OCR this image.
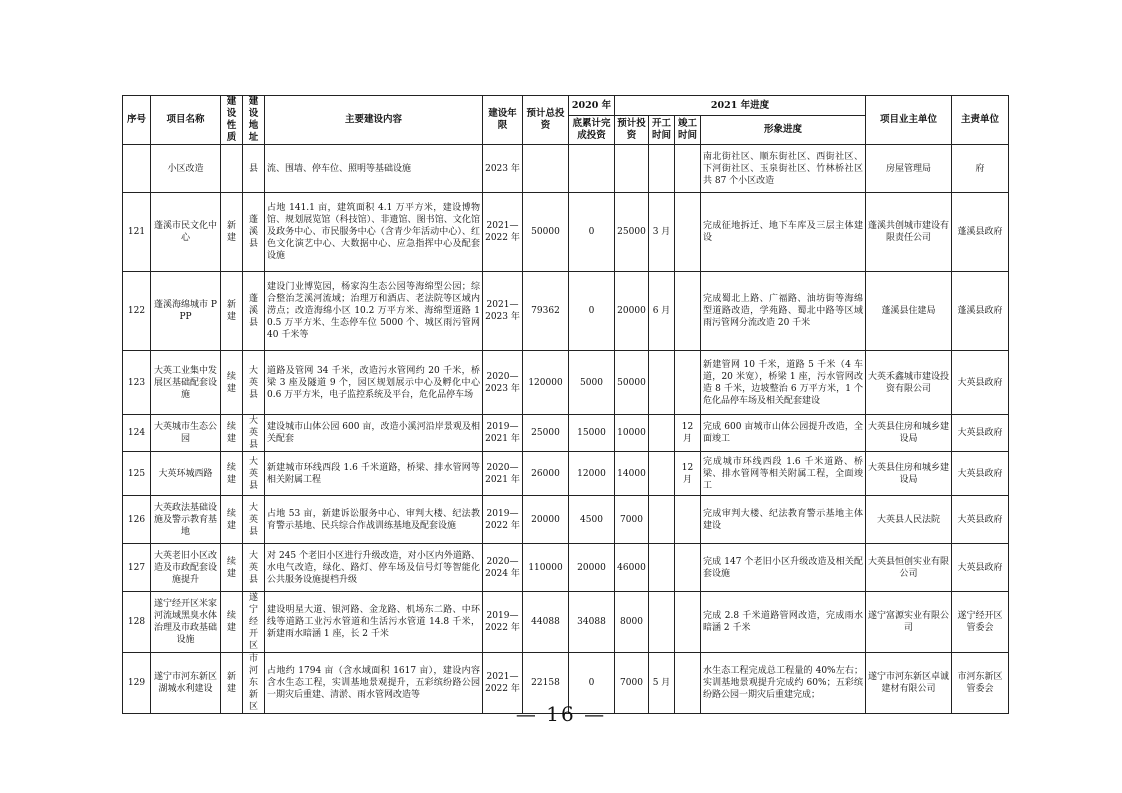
序号	项目名称	建设性质	建设地址	主要建设内容	建设年限	预计总投资	2020 年	2021 年进度				项目业主单位	主责单位
							底累计完成投资	预计投资	开工时间	竣工时间	形象进度		
	小区改造		县	流、围墙、停车位、照明等基础设施	2023 年						南北街社区、顺东街社区、西街社区、下河街社区、玉泉街社区、竹林桥社区共 87 个小区改造	房屋管理局	府
121	蓬溪市民文化中心	新建	蓬溪县	占地 141.1 亩，建筑面积 4.1 万平方米，建设博物馆、规划展览馆（科技馆）、非遗馆、图书馆、文化馆及政务中心、市民服务中心（含青少年活动中心）、红色文化演艺中心、大数据中心、应急指挥中心及配套设施	2021—2022 年	50000	0	25000	3 月		完成征地拆迁、地下车库及三层主体建设	蓬溪共创城市建设有限责任公司	蓬溪县政府
122	蓬溪海绵城市 PPP	新建	蓬溪县	建设门业博览园，杨家沟生态公园等海绵型公园；综合整治芝溪河流域；治理万和酒店、老法院等区域内涝点；改造海绵小区 10.2 万平方米、海绵型道路 10.5 万平方米、生态停车位 5000 个、城区雨污管网 40 千米等	2021—2023 年	79362	0	20000	6 月		完成蜀北上路、广福路、油坊街等海绵型道路改造，学苑路、蜀北中路等区域雨污管网分流改造 20 千米	蓬溪县住建局	蓬溪县政府
123	大英工业集中发展区基础配套设施	续建	大英县	道路及管网 34 千米，改造污水管网约 20 千米，桥梁 3 座及隧道 9 个，园区规划展示中心及孵化中心 0.6 万平方米，电子监控系统及平台，危化品停车场	2020—2023 年	120000	5000	50000			新建管网 10 千米，道路 5 千米（4 车道，20 米宽），桥梁 1 座，污水管网改造 8 千米，边坡整治 6 万平方米，1 个危化品停车场及相关配套建设	大英禾鑫城市建设投资有限公司	大英县政府
124	大英城市生态公园	续建	大英县	建设城市山体公园 600 亩，改造小溪河沿岸景观及相关配套	2019—2021 年	25000	15000	10000		12 月	完成 600 亩城市山体公园提升改造，全面竣工	大英县住房和城乡建设局	大英县政府
125	大英环城西路	续建	大英县	新建城市环线西段 1.6 千米道路，桥梁、排水管网等相关附属工程	2020—2021 年	26000	12000	14000		12 月	完成城市环线西段 1.6 千米道路、桥梁、排水管网等相关附属工程，全面竣工	大英县住房和城乡建设局	大英县政府
126	大英政法基础设施及警示教育基地	续建	大英县	占地 53 亩，新建诉讼服务中心、审判大楼、纪法教育警示基地、民兵综合作战训练基地及配套设施	2019—2022 年	20000	4500	7000			完成审判大楼、纪法教育警示基地主体建设	大英县人民法院	大英县政府
127	大英老旧小区改造及市政配套设施提升	续建	大英县	对 245 个老旧小区进行升级改造，对小区内外道路、水电气改造，绿化、路灯、停车场及信号灯等智能化公共服务设施提档升级	2020—2024 年	110000	20000	46000			完成 147 个老旧小区升级改造及相关配套设施	大英县恒创实业有限公司	大英县政府
128	遂宁经开区米家河流域黑臭水体治理及市政基础设施	续建	遂宁经开区	建设明星大道、银河路、金龙路、机场东二路、中环线等道路工业污水管道和生活污水管道 14.8 千米，新建雨水暗涵 1 座，长 2 千米	2019—2022 年	44088	34088	8000			完成 2.8 千米道路管网改造，完成雨水暗涵 2 千米	遂宁富源实业有限公司	遂宁经开区管委会
129	遂宁市河东新区湖城水利建设	新建	市河东新区	占地约 1794 亩（含水域面积 1617 亩），建设内容含水生态工程，实训基地景观提升，五彩缤纷路公园一期灾后重建、清淤、雨水管网改造等	2021—2022 年	22158	0	7000	5 月		水生态工程完成总工程量的 40%左右；实训基地景观提升完成约 60%；五彩缤纷路公园一期灾后重建完成；	遂宁市河东新区卓诚建材有限公司	市河东新区管委会
— 16 —
